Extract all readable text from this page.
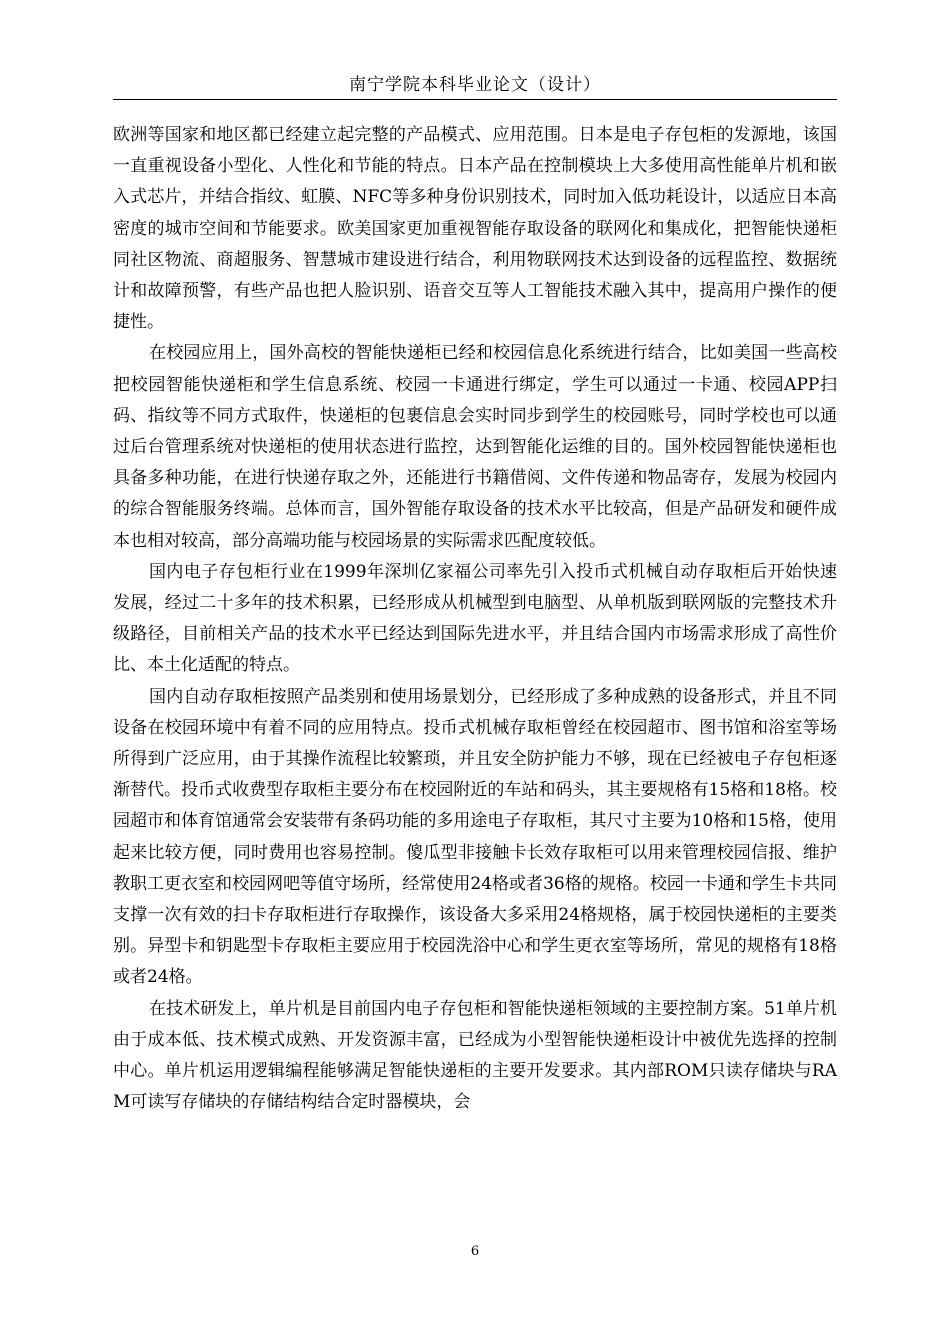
南宁学院本科毕业论文（设计）

欧洲等国家和地区都已经建立起完整的产品模式、应用范围。日本是电子存包柜的发源地，该国一直重视设备小型化、人性化和节能的特点。日本产品在控制模块上大多使用高性能单片机和嵌入式芯片，并结合指纹、虹膜、NFC等多种身份识别技术，同时加入低功耗设计，以适应日本高密度的城市空间和节能要求。欧美国家更加重视智能存取设备的联网化和集成化，把智能快递柜同社区物流、商超服务、智慧城市建设进行结合，利用物联网技术达到设备的远程监控、数据统计和故障预警，有些产品也把人脸识别、语音交互等人工智能技术融入其中，提高用户操作的便捷性。

在校园应用上，国外高校的智能快递柜已经和校园信息化系统进行结合，比如美国一些高校把校园智能快递柜和学生信息系统、校园一卡通进行绑定，学生可以通过一卡通、校园APP扫码、指纹等不同方式取件，快递柜的包裹信息会实时同步到学生的校园账号，同时学校也可以通过后台管理系统对快递柜的使用状态进行监控，达到智能化运维的目的。国外校园智能快递柜也具备多种功能，在进行快递存取之外，还能进行书籍借阅、文件传递和物品寄存，发展为校园内的综合智能服务终端。总体而言，国外智能存取设备的技术水平比较高，但是产品研发和硬件成本也相对较高，部分高端功能与校园场景的实际需求匹配度较低。

国内电子存包柜行业在1999年深圳亿家福公司率先引入投币式机械自动存取柜后开始快速发展，经过二十多年的技术积累，已经形成从机械型到电脑型、从单机版到联网版的完整技术升级路径，目前相关产品的技术水平已经达到国际先进水平，并且结合国内市场需求形成了高性价比、本土化适配的特点。

国内自动存取柜按照产品类别和使用场景划分，已经形成了多种成熟的设备形式，并且不同设备在校园环境中有着不同的应用特点。投币式机械存取柜曾经在校园超市、图书馆和浴室等场所得到广泛应用，由于其操作流程比较繁琐，并且安全防护能力不够，现在已经被电子存包柜逐渐替代。投币式收费型存取柜主要分布在校园附近的车站和码头，其主要规格有15格和18格。校园超市和体育馆通常会安装带有条码功能的多用途电子存取柜，其尺寸主要为10格和15格，使用起来比较方便，同时费用也容易控制。傻瓜型非接触卡长效存取柜可以用来管理校园信报、维护教职工更衣室和校园网吧等值守场所，经常使用24格或者36格的规格。校园一卡通和学生卡共同支撑一次有效的扫卡存取柜进行存取操作，该设备大多采用24格规格，属于校园快递柜的主要类别。异型卡和钥匙型卡存取柜主要应用于校园洗浴中心和学生更衣室等场所，常见的规格有18格或者24格。

在技术研发上，单片机是目前国内电子存包柜和智能快递柜领域的主要控制方案。51单片机由于成本低、技术模式成熟、开发资源丰富，已经成为小型智能快递柜设计中被优先选择的控制中心。单片机运用逻辑编程能够满足智能快递柜的主要开发要求。其内部ROM只读存储块与RAM可读写存储块的存储结构结合定时器模块，会

6
